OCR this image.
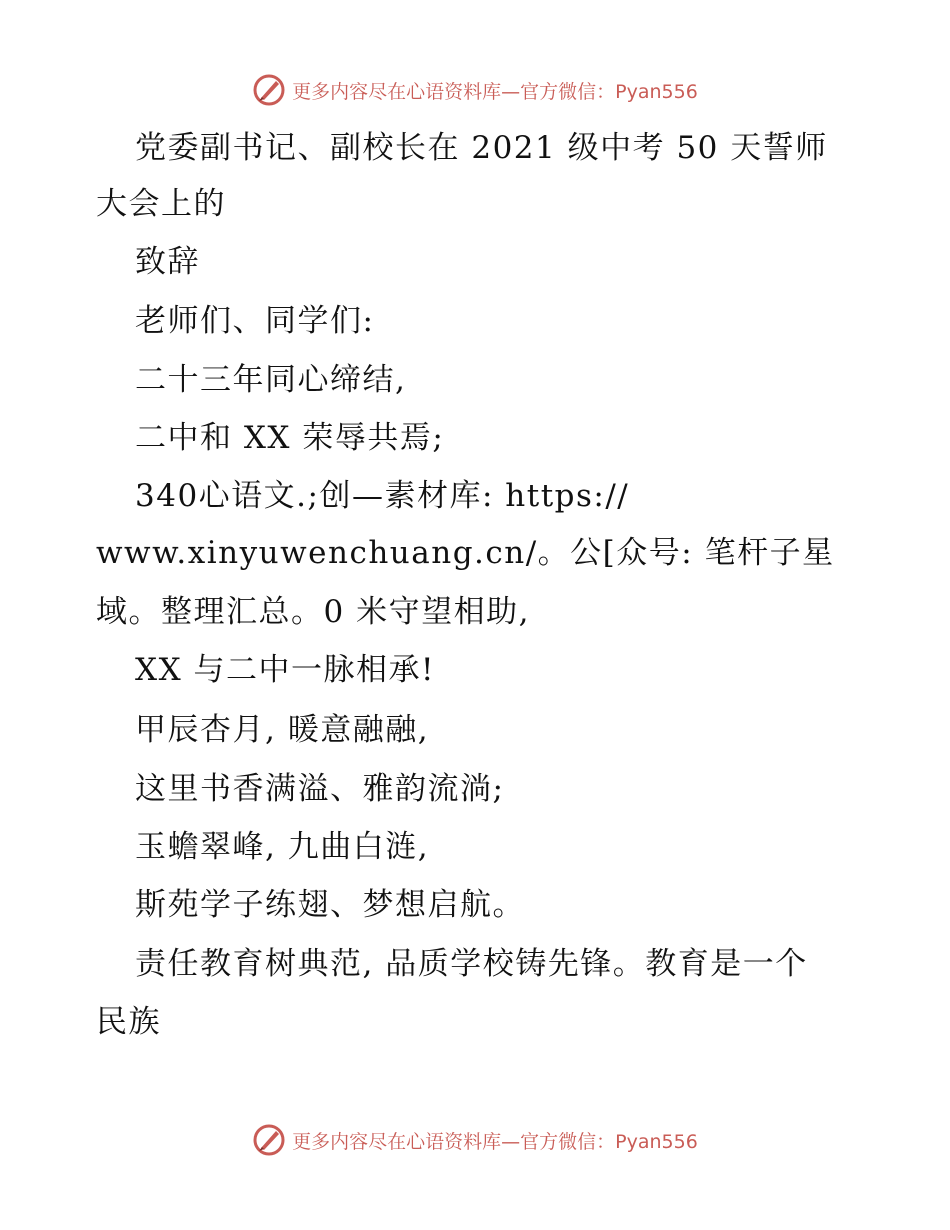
更多内容尽在心语资料库—官方微信：Pyan556
党委副书记、副校长在 2021 级中考 50 天誓师
大会上的
致辞
老师们、同学们:
二十三年同心缔结,
二中和 XX 荣辱共焉;
340心语文.;创—素材库: https://
www.xinyuwenchuang.cn/。公[众号: 笔杆子星
域。整理汇总。0 米守望相助,
XX 与二中一脉相承!
甲辰杏月, 暖意融融,
这里书香满溢、雅韵流淌;
玉蟾翠峰, 九曲白涟,
斯苑学子练翅、梦想启航。
责任教育树典范, 品质学校铸先锋。教育是一个
民族
更多内容尽在心语资料库—官方微信：Pyan556
